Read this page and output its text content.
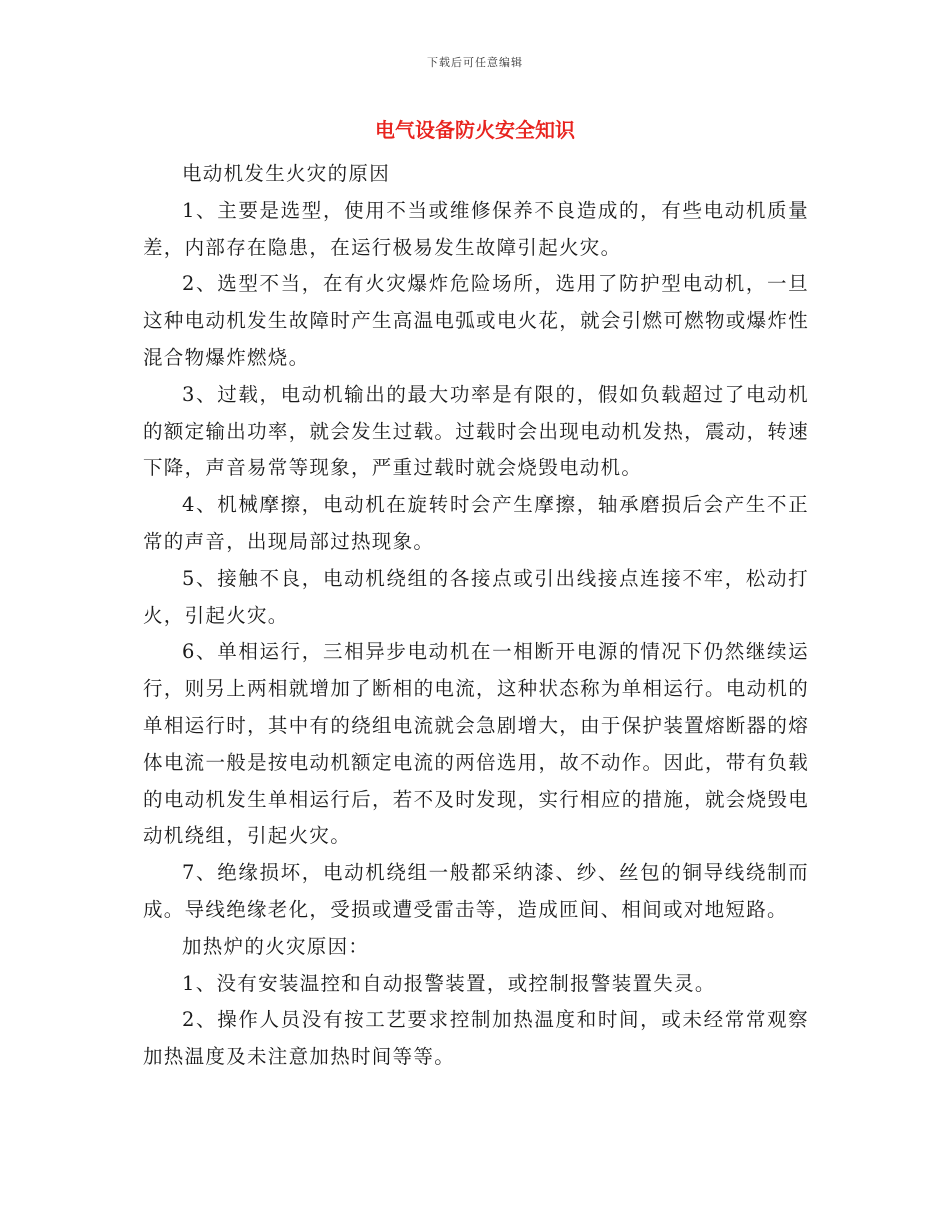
下载后可任意编辑
电气设备防火安全知识

电动机发生火灾的原因

1、主要是选型，使用不当或维修保养不良造成的，有些电动机质量差，内部存在隐患，在运行极易发生故障引起火灾。

2、选型不当，在有火灾爆炸危险场所，选用了防护型电动机，一旦这种电动机发生故障时产生高温电弧或电火花，就会引燃可燃物或爆炸性混合物爆炸燃烧。

3、过载，电动机输出的最大功率是有限的，假如负载超过了电动机的额定输出功率，就会发生过载。过载时会出现电动机发热，震动，转速下降，声音易常等现象，严重过载时就会烧毁电动机。

4、机械摩擦，电动机在旋转时会产生摩擦，轴承磨损后会产生不正常的声音，出现局部过热现象。

5、接触不良，电动机绕组的各接点或引出线接点连接不牢，松动打火，引起火灾。

6、单相运行，三相异步电动机在一相断开电源的情况下仍然继续运行，则另上两相就增加了断相的电流，这种状态称为单相运行。电动机的单相运行时，其中有的绕组电流就会急剧增大，由于保护装置熔断器的熔体电流一般是按电动机额定电流的两倍选用，故不动作。因此，带有负载的电动机发生单相运行后，若不及时发现，实行相应的措施，就会烧毁电动机绕组，引起火灾。

7、绝缘损坏，电动机绕组一般都采纳漆、纱、丝包的铜导线绕制而成。导线绝缘老化，受损或遭受雷击等，造成匝间、相间或对地短路。

加热炉的火灾原因：

1、没有安装温控和自动报警装置，或控制报警装置失灵。

2、操作人员没有按工艺要求控制加热温度和时间，或未经常常观察加热温度及未注意加热时间等等。
